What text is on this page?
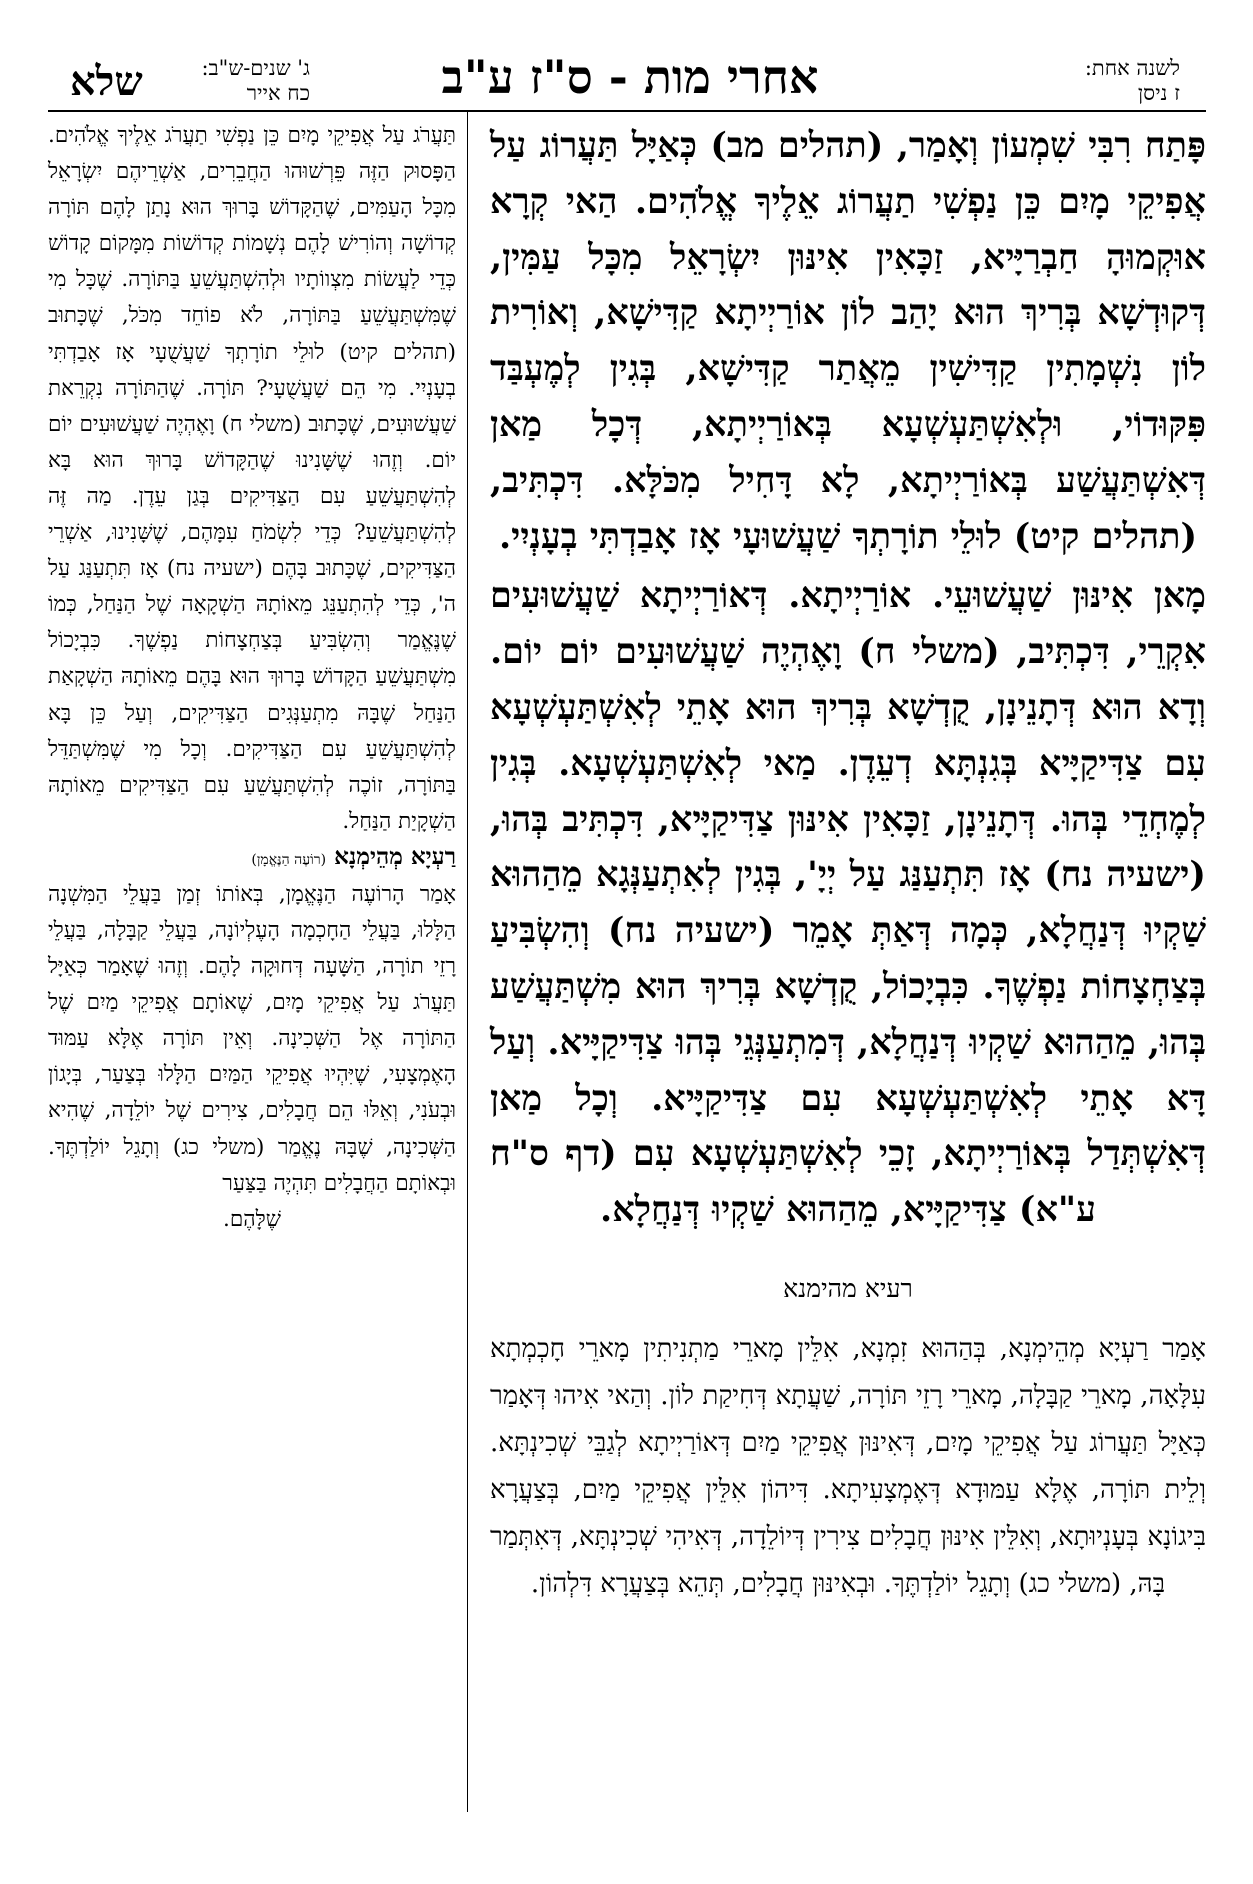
שלא	ג' שנים-ש"ב:
כח אייר	אחרי מות - ס"ז ע"ב	לשנה אחת:
ז ניסן

פָּתַח רִבִּי שִׁמְעוֹן וְאָמַר, (תהלים מב) כְּאַיָּל תַּעֲרוֹג עַל אֲפִיקֵי מָיִם כֵּן נַפְשִׁי תַעֲרוֹג אֵלֶיךָ אֱלֹהִים. הַאי קְרָא אוּקְמוּהָ חַבְרַיָּיא, זַכָּאִין אִינּוּן יִשְׂרָאֵל מִכָּל עַמִּין, דְּקוּדְשָׁא בְּרִיךְ הוּא יָהַב לוֹן אוֹרַיְיתָא קַדִּישָׁא, וְאוֹרִית לוֹן נִשְׁמָתִין קַדִּישִׁין מֵאֲתַר קַדִּישָׁא, בְּגִין לְמֶעְבַּד פִּקּוּדוֹי, וּלְאִשְׁתַּעְשְׁעָא בְּאוֹרַיְיתָא, דְּכָל מַאן דְּאִשְׁתַּעֲשַׁע בְּאוֹרַיְיתָא, לָא דָּחִיל מִכֹּלָּא. דִּכְתִּיב, (תהלים קיט) לוּלֵי תוֹרָתְךָ שַׁעֲשׁוּעָי אָז אָבַדְתִּי בְעָנְיִי.

מָאן אִינּוּן שַׁעֲשׁוּעֵי. אוֹרַיְיתָא. דְּאוֹרַיְיתָא שַׁעֲשׁוּעִים אִקְרֵי, דִּכְתִּיב, (משלי ח) וָאֶהְיֶה שַׁעֲשׁוּעִים יוֹם יוֹם. וְדָא הוּא דְּתָנֵינָן, קֻדְשָׁא בְּרִיךְ הוּא אָתֵי לְאִשְׁתַּעְשְׁעָא עִם צַדִּיקַיָּיא בְּגִנְתָּא דְעֵדֶן. מַאי לְאִשְׁתַּעְשְׁעָא. בְּגִין לְמֶחְדֵי בְּהוּ. דְּתָנֵינָן, זַכָּאִין אִינּוּן צַדִּיקַיָּיא, דִּכְתִּיב בְּהוּ, (ישעיה נח) אָז תִּתְעַנַּג עַל יְיָ', בְּגִין לְאִתְעַנְּגָא מֵהַהוּא שַׁקְיוּ דְּנַחֲלָא, כְּמָה דְּאַתְּ אָמֵר (ישעיה נח) וְהִשְׂבִּיעַ בְּצַחְצָחוֹת נַפְשֶׁךָ. כִּבְיָכוֹל, קֻדְשָׁא בְּרִיךְ הוּא מִשְׁתַּעֲשַׁע בְּהוּ, מֵהַהוּא שַׁקְיוּ דְּנַחֲלָא, דְּמִתְעַנְּגֵי בְּהוּ צַדִּיקַיָּיא. וְעַל דָּא אָתֵי לְאִשְׁתַּעְשְׁעָא עִם צַדִּיקַיָּיא. וְכָל מַאן דְּאִשְׁתְּדַל בְּאוֹרַיְיתָא, זָכֵי לְאִשְׁתַּעְשְׁעָא עִם (דף ס"ח ע"א) צַדִּיקַיָּיא, מֵהַהוּא שַׁקְיוּ דְּנַחֲלָא.

רעיא מהימנא

אָמַר רַעְיָא מְהֵימְנָא, בְּהַהוּא זִמְנָא, אִלֵּין מָארֵי מַתְנִיתִין מָארֵי חָכְמְתָא עִלָּאָה, מָארֵי קַבָּלָה, מָארֵי רָזֵי תּוֹרָה, שַׁעֲתָא דְּחִיקַת לוֹן. וְהַאי אִיהוּ דְּאָמַר כְּאַיָּל תַּעֲרוֹג עַל אֲפִיקֵי מָיִם, דְּאִינּוּן אֲפִיקֵי מַיִם דְּאוֹרַיְיתָא לְגַבֵּי שְׁכִינְתָּא. וְלֵית תּוֹרָה, אֶלָּא עַמּוּדָא דְּאֶמְצָעִיתָא. דִּיהוֹן אִלֵּין אֲפִיקֵי מַיִם, בְּצַעֲרָא בִּיגוֹנָא בְּעָנְיוּתָא, וְאִלֵּין אִינּוּן חֲבָלִים צִירִין דְּיוֹלֵדָה, דְּאִיהִי שְׁכִינְתָּא, דְּאִתְּמַר בָּהּ, (משלי כג) וְתָגֵל יוֹלַדְתֶּךָ. וּבְאִינּוּן חֲבָלִים, תְּהֵא בְּצַעֲרָא דִּלְהוֹן.

תַּעֲרֹג עַל אֲפִיקֵי מָיִם כֵּן נַפְשִׁי תַעֲרֹג אֵלֶיךָ אֱלֹהִים. הַפָּסוּק הַזֶּה פֵּרְשׁוּהוּ הַחֲבֵרִים, אַשְׁרֵיהֶם יִשְׂרָאֵל מִכָּל הָעַמִּים, שֶׁהַקָּדוֹשׁ בָּרוּךְ הוּא נָתַן לָהֶם תּוֹרָה קְדוֹשָׁה וְהוֹרִישׁ לָהֶם נְשָׁמוֹת קְדוֹשׁוֹת מִמָּקוֹם קָדוֹשׁ כְּדֵי לַעֲשׂוֹת מִצְווֹתָיו וּלְהִשְׁתַּעֲשֵׁעַ בַּתּוֹרָה. שֶׁכָּל מִי שֶׁמִּשְׁתַּעֲשֵׁעַ בַּתּוֹרָה, לֹא פוֹחֵד מִכֹּל, שֶׁכָּתוּב (תהלים קיט) לוּלֵי תוֹרָתְךָ שַׁעֲשֻׁעָי אָז אָבַדְתִּי בְעָנְיִי. מִי הֵם שַׁעֲשֻׁעָי? תּוֹרָה. שֶׁהַתּוֹרָה נִקְרֵאת שַׁעֲשׁוּעִים, שֶׁכָּתוּב (משלי ח) וָאֶהְיֶה שַׁעֲשׁוּעִים יוֹם יוֹם. וְזֶהוּ שֶׁשָּׁנִינוּ שֶׁהַקָּדוֹשׁ בָּרוּךְ הוּא בָּא לְהִשְׁתַּעֲשֵׁעַ עִם הַצַּדִּיקִים בְּגַן עֵדֶן. מַה זֶּה לְהִשְׁתַּעֲשֵׁעַ? כְּדֵי לִשְׂמֹחַ עִמָּהֶם, שֶׁשָּׁנִינוּ, אַשְׁרֵי הַצַּדִּיקִים, שֶׁכָּתוּב בָּהֶם (ישעיה נח) אָז תִּתְעַנַּג עַל ה', כְּדֵי לְהִתְעַנֵּג מֵאוֹתָהּ הַשְׁקָאָה שֶׁל הַנַּחַל, כְּמוֹ שֶׁנֶּאֱמַר וְהִשְׂבִּיעַ בְּצַחְצָחוֹת נַפְשֶׁךָ. כִּבְיָכוֹל מִשְׁתַּעֲשֵׁעַ הַקָּדוֹשׁ בָּרוּךְ הוּא בָּהֶם מֵאוֹתָהּ הַשְׁקָאַת הַנַּחַל שֶׁבָּהּ מִתְעַנְּגִים הַצַּדִּיקִים, וְעַל כֵּן בָּא לְהִשְׁתַּעֲשֵׁעַ עִם הַצַּדִּיקִים. וְכָל מִי שֶׁמִּשְׁתַּדֵּל בַּתּוֹרָה, זוֹכֶה לְהִשְׁתַּעֲשֵׁעַ עִם הַצַּדִּיקִים מֵאוֹתָהּ הַשְׁקָיַת הַנַּחַל.

רַעְיָא מְהֵימְנָא (רוֹעֶה הַנֶּאֱמָן)

אָמַר הָרוֹעֶה הַנֶּאֱמָן, בְּאוֹתוֹ זְמַן בַּעֲלֵי הַמִּשְׁנָה הַלָּלוּ, בַּעֲלֵי הַחָכְמָה הָעֶלְיוֹנָה, בַּעֲלֵי קַבָּלָה, בַּעֲלֵי רָזֵי תוֹרָה, הַשָּׁעָה דְּחוּקָה לָהֶם. וְזֶהוּ שֶׁאָמַר כְּאַיָּל תַּעֲרֹג עַל אֲפִיקֵי מָיִם, שֶׁאוֹתָם אֲפִיקֵי מַיִם שֶׁל הַתּוֹרָה אֶל הַשְּׁכִינָה. וְאֵין תּוֹרָה אֶלָּא עַמּוּד הָאֶמְצָעִי, שֶׁיִּהְיוּ אֲפִיקֵי הַמַּיִם הַלָּלוּ בְּצַעַר, בְּיָגוֹן וּבְעֹנִי, וְאֵלּוּ הֵם חֲבָלִים, צִירִים שֶׁל יוֹלֵדָה, שֶׁהִיא הַשְּׁכִינָה, שֶׁבָּהּ נֶאֱמַר (משלי כג) וְתָגֵל יוֹלַדְתֶּךָ. וּבְאוֹתָם הַחֲבָלִים תִּהְיֶה בַּצַּעַר

שֶׁלָּהֶם.
